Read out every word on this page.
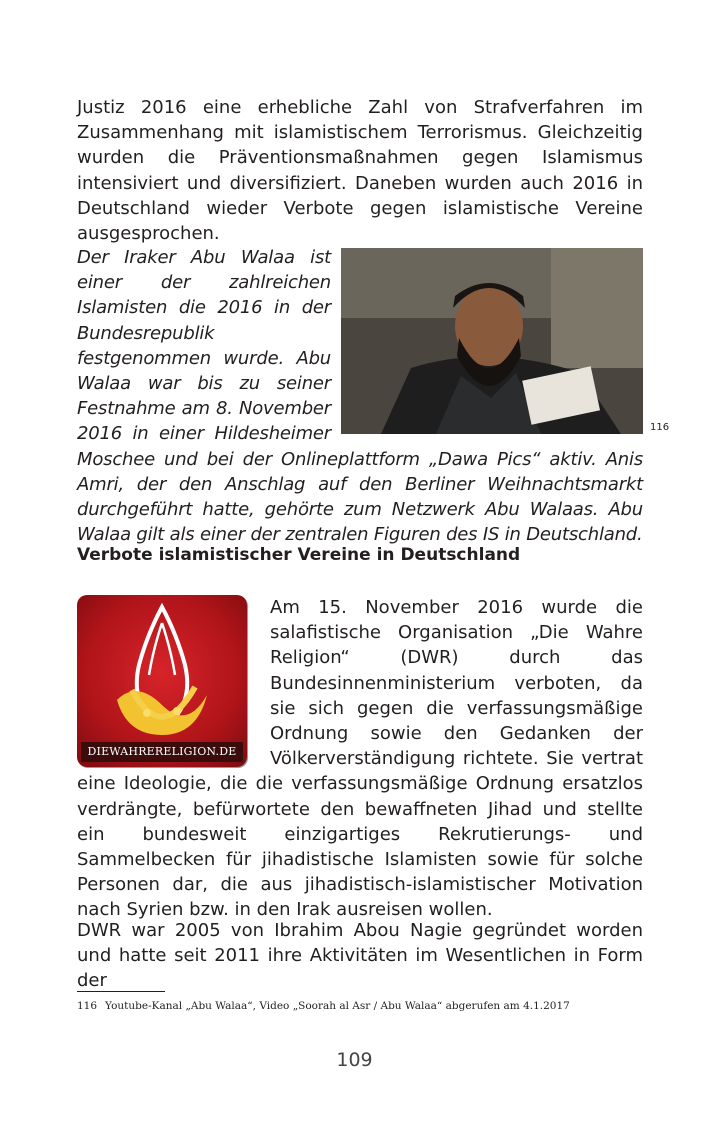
Justiz 2016 eine erhebliche Zahl von Strafverfahren im Zusammenhang mit islamistischem Terrorismus. Gleichzeitig wurden die Präventionsmaßnahmen gegen Islamismus intensiviert und diversifiziert. Daneben wurden auch 2016 in Deutschland wieder Verbote gegen islamistische Vereine ausgesprochen.

Der Iraker Abu Walaa ist einer der zahlreichen Islamisten die 2016 in der Bundesrepublik festgenommen wurde. Abu Walaa war bis zu seiner Festnahme am 8. November 2016 in einer Hildesheimer Moschee und bei der Onlineplattform „Dawa Pics“ aktiv. Anis Amri, der den Anschlag auf den Berliner Weihnachtsmarkt durchgeführt hatte, gehörte zum Netzwerk Abu Walaas. Abu Walaa gilt als einer der zentralen Figuren des IS in Deutschland.

116
Verbote islamistischer Vereine in Deutschland

DIEWAHRERELIGION.DE
Am 15. November 2016 wurde die salafistische Organisation „Die Wahre Religion“ (DWR) durch das Bundesinnenministerium verboten, da sie sich gegen die verfassungsmäßige Ordnung sowie den Gedanken der Völkerverständigung richtete. Sie vertrat eine Ideologie, die die verfassungsmäßige Ordnung ersatzlos verdrängte, befürwortete den bewaffneten Jihad und stellte ein bundesweit einzigartiges Rekrutierungs- und Sammelbecken für jihadistische Islamisten sowie für solche Personen dar, die aus jihadistisch-islamistischer Motivation nach Syrien bzw. in den Irak ausreisen wollen.

DWR war 2005 von Ibrahim Abou Nagie gegründet worden und hatte seit 2011 ihre Aktivitäten im Wesentlichen in Form der

116 Youtube-Kanal „Abu Walaa“, Video „Soorah al Asr / Abu Walaa“ abgerufen am 4.1.2017

109
